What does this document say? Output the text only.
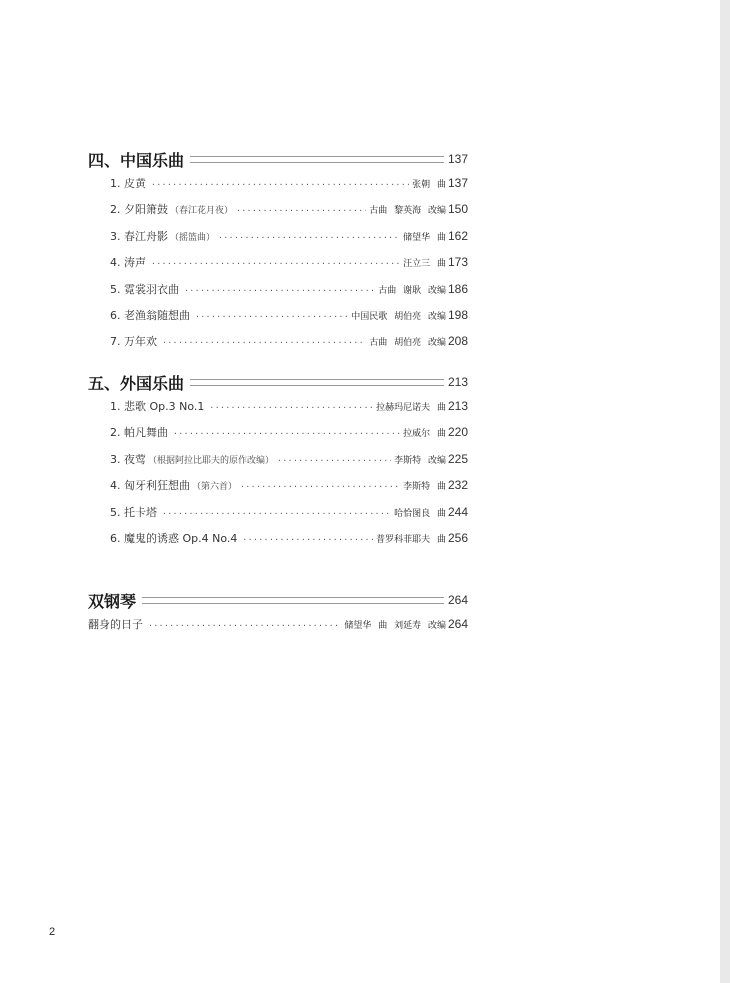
四、中国乐曲	137
1. 皮黄 ·····	张朝 曲 137
2. 夕阳箫鼓 （春江花月夜） ·····	古曲 黎英海 改编 150
3. 春江舟影 （摇篮曲） ·····	储望华 曲 162
4. 涛声 ·····	汪立三 曲 173
5. 霓裳羽衣曲 ·····	古曲 谢耿 改编 186
6. 老渔翁随想曲 ·····	中国民歌 胡伯亮 改编 198
7. 万年欢 ·····	古曲 胡伯亮 改编 208
五、外国乐曲	213
1. 悲歌 Op.3 No.1 ·····	拉赫玛尼诺夫 曲 213
2. 帕凡舞曲 ·····	拉威尔 曲 220
3. 夜莺 （根据阿拉比耶夫的原作改编） ·····	李斯特 改编 225
4. 匈牙利狂想曲 （第六首） ·····	李斯特 曲 232
5. 托卡塔 ·····	哈恰图良 曲 244
6. 魔鬼的诱惑 Op.4 No.4 ·····	普罗科菲耶夫 曲 256
双钢琴	264
翻身的日子 ·····	储望华 曲 刘延寿 改编 264
2
